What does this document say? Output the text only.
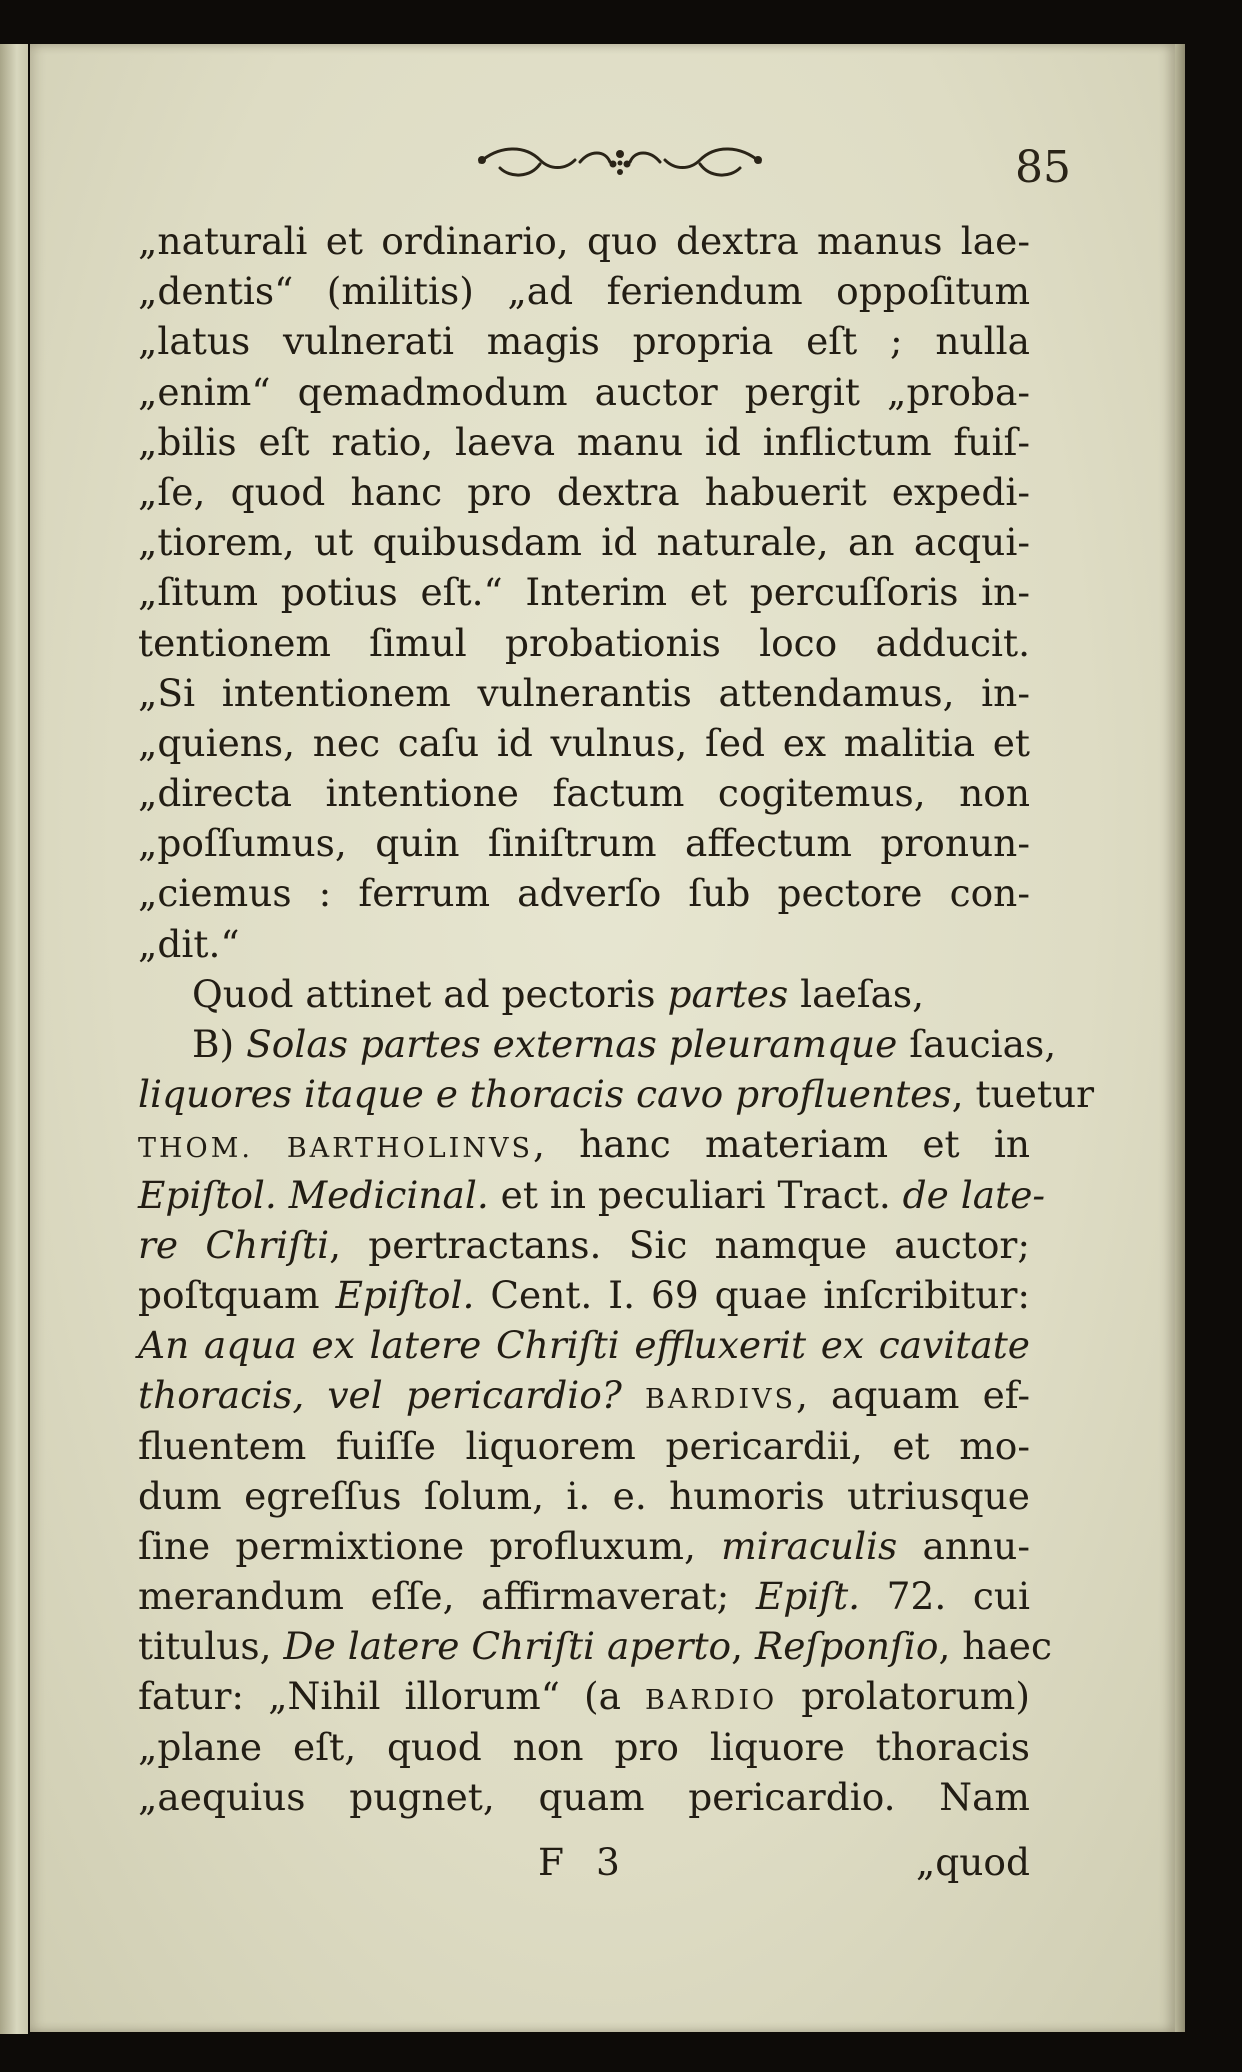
85
„naturali et ordinario, quo dextra manus lae-
„dentis“ (militis) „ad feriendum oppoſitum
„latus vulnerati magis propria eſt ; nulla
„enim“ qemadmodum auctor pergit „proba-
„bilis eſt ratio, laeva manu id inflictum fuiſ-
„ſe, quod hanc pro dextra habuerit expedi-
„tiorem, ut quibusdam id naturale, an acqui-
„ſitum potius eſt.“ Interim et percuſſoris in-
tentionem ſimul probationis loco adducit.
„Si intentionem vulnerantis attendamus, in-
„quiens, nec caſu id vulnus, ſed ex malitia et
„directa intentione factum cogitemus, non
„poſſumus, quin ſiniſtrum affectum pronun-
„ciemus : ferrum adverſo ſub pectore con-
„dit.“
Quod attinet ad pectoris partes laeſas,
B) Solas partes externas pleuramque ſaucias,
liquores itaque e thoracis cavo profluentes, tuetur
THOM. BARTHOLINVS, hanc materiam et in
Epiſtol. Medicinal. et in peculiari Tract. de late-
re Chriſti, pertractans. Sic namque auctor;
poſtquam Epiſtol. Cent. I. 69 quae inſcribitur:
An aqua ex latere Chriſti effluxerit ex cavitate
thoracis, vel pericardio? BARDIVS, aquam ef-
fluentem fuiſſe liquorem pericardii, et mo-
dum egreſſus ſolum, i. e. humoris utriusque
ſine permixtione profluxum, miraculis annu-
merandum eſſe, affirmaverat; Epiſt. 72. cui
titulus, De latere Chriſti aperto, Reſponſio, haec
fatur: „Nihil illorum“ (a BARDIO prolatorum)
„plane eſt, quod non pro liquore thoracis
„aequius pugnet, quam pericardio. Nam
F 3	„quod
